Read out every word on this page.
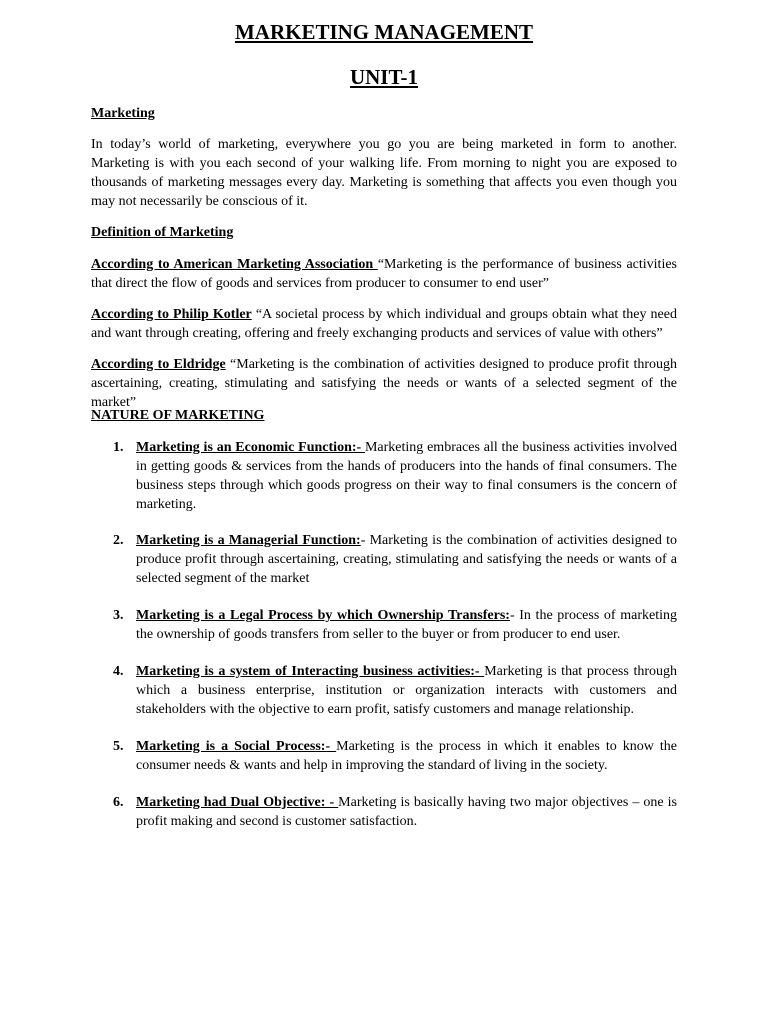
MARKETING MANAGEMENT
UNIT-1

Marketing

In today’s world of marketing, everywhere you go you are being marketed in form to another. Marketing is with you each second of your walking life. From morning to night you are exposed to thousands of marketing messages every day. Marketing is something that affects you even though you may not necessarily be conscious of it.

Definition of Marketing

According to American Marketing Association “Marketing is the performance of business activities that direct the flow of goods and services from producer to consumer to end user”

According to Philip Kotler “A societal process by which individual and groups obtain what they need and want through creating, offering and freely exchanging products and services of value with others”

According to Eldridge “Marketing is the combination of activities designed to produce profit through ascertaining, creating, stimulating and satisfying the needs or wants of a selected segment of the market”

NATURE OF MARKETING

1. Marketing is an Economic Function:- Marketing embraces all the business activities involved in getting goods & services from the hands of producers into the hands of final consumers. The business steps through which goods progress on their way to final consumers is the concern of marketing.

2. Marketing is a Managerial Function:- Marketing is the combination of activities designed to produce profit through ascertaining, creating, stimulating and satisfying the needs or wants of a selected segment of the market

3. Marketing is a Legal Process by which Ownership Transfers:- In the process of marketing the ownership of goods transfers from seller to the buyer or from producer to end user.

4. Marketing is a system of Interacting business activities:- Marketing is that process through which a business enterprise, institution or organization interacts with customers and stakeholders with the objective to earn profit, satisfy customers and manage relationship.

5. Marketing is a Social Process:- Marketing is the process in which it enables to know the consumer needs & wants and help in improving the standard of living in the society.

6. Marketing had Dual Objective: - Marketing is basically having two major objectives – one is profit making and second is customer satisfaction.
